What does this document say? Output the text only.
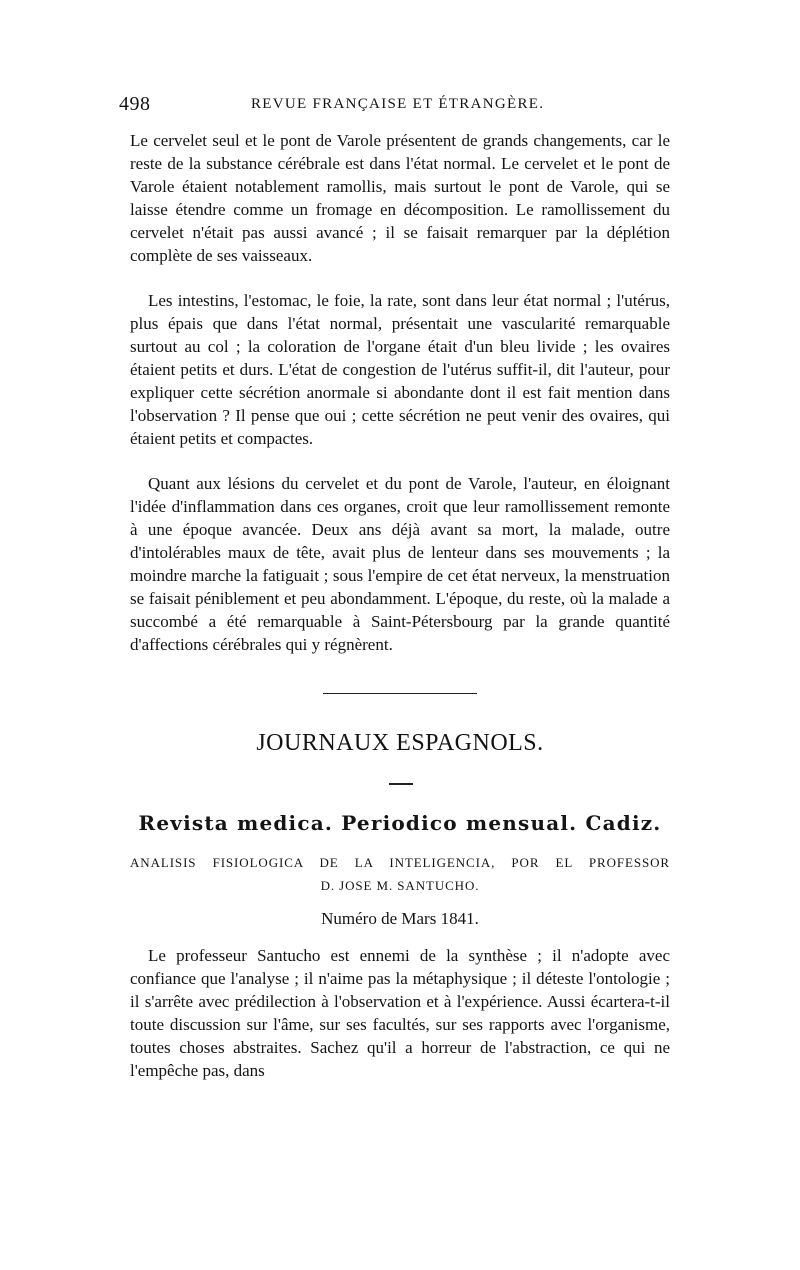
498	REVUE FRANÇAISE ET ÉTRANGÈRE.

Le cervelet seul et le pont de Varole présentent de grands changements, car le reste de la substance cérébrale est dans l'état normal. Le cervelet et le pont de Varole étaient notablement ramollis, mais surtout le pont de Varole, qui se laisse étendre comme un fromage en décomposition. Le ramollissement du cervelet n'était pas aussi avancé ; il se faisait remarquer par la déplétion complète de ses vaisseaux.

Les intestins, l'estomac, le foie, la rate, sont dans leur état normal ; l'utérus, plus épais que dans l'état normal, présentait une vascularité remarquable surtout au col ; la coloration de l'organe était d'un bleu livide ; les ovaires étaient petits et durs. L'état de congestion de l'utérus suffit-il, dit l'auteur, pour expliquer cette sécrétion anormale si abondante dont il est fait mention dans l'observation ? Il pense que oui ; cette sécrétion ne peut venir des ovaires, qui étaient petits et compactes.

Quant aux lésions du cervelet et du pont de Varole, l'auteur, en éloignant l'idée d'inflammation dans ces organes, croit que leur ramollissement remonte à une époque avancée. Deux ans déjà avant sa mort, la malade, outre d'intolérables maux de tête, avait plus de lenteur dans ses mouvements ; la moindre marche la fatiguait ; sous l'empire de cet état nerveux, la menstruation se faisait péniblement et peu abondamment. L'époque, du reste, où la malade a succombé a été remarquable à Saint-Pétersbourg par la grande quantité d'affections cérébrales qui y régnèrent.

JOURNAUX ESPAGNOLS.
Revista medica. Periodico mensual. Cadiz.
ANALISIS FISIOLOGICA DE LA INTELIGENCIA, POR EL PROFESSOR
D. JOSE M. SANTUCHO.
Numéro de Mars 1841.

Le professeur Santucho est ennemi de la synthèse ; il n'adopte avec confiance que l'analyse ; il n'aime pas la métaphysique ; il déteste l'ontologie ; il s'arrête avec prédilection à l'observation et à l'expérience. Aussi écartera-t-il toute discussion sur l'âme, sur ses facultés, sur ses rapports avec l'organisme, toutes choses abstraites. Sachez qu'il a horreur de l'abstraction, ce qui ne l'empêche pas, dans
